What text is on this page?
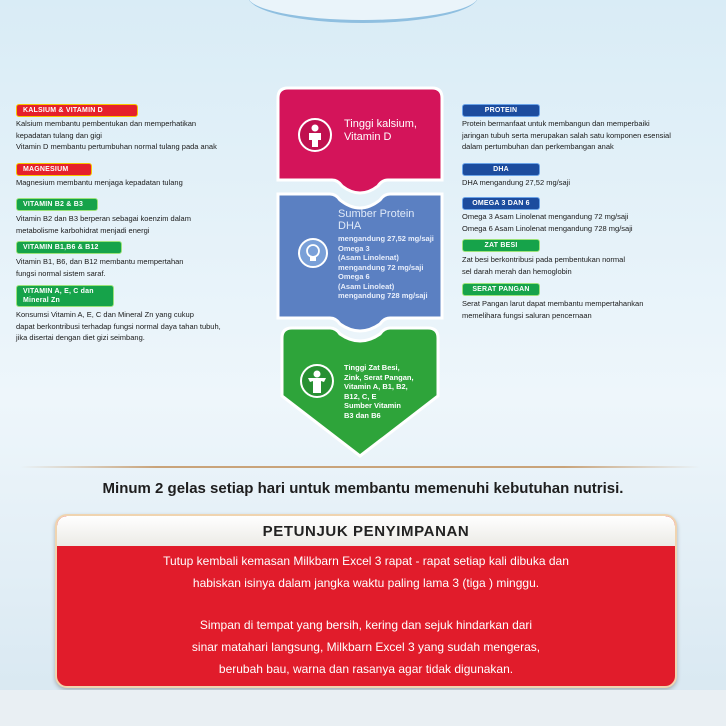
KALSIUM & VITAMIN D
Kalsium membantu pembentukan dan memperhatikan
kepadatan tulang dan gigi
Vitamin D membantu pertumbuhan normal tulang pada anak
MAGNESIUM
Magnesium membantu menjaga kepadatan tulang
VITAMIN B2 & B3
Vitamin B2 dan B3 berperan sebagai koenzim dalam
metabolisme karbohidrat menjadi energi
VITAMIN B1,B6 & B12
Vitamin B1, B6, dan B12 membantu mempertahan
fungsi normal sistem saraf.
VITAMIN A, E, C dan
Mineral Zn
Konsumsi Vitamin A, E, C dan Mineral Zn yang cukup
dapat berkontribusi terhadap fungsi normal daya tahan tubuh,
jika disertai dengan diet gizi seimbang.
Tinggi kalsium,
Vitamin D
Sumber Protein
DHA
mengandung 27,52 mg/saji
Omega 3
(Asam Linolenat)
mengandung 72 mg/saji
Omega 6
(Asam Linoleat)
mengandung 728 mg/saji
Tinggi Zat Besi,
Zink, Serat Pangan,
Vitamin A, B1, B2,
B12, C, E
Sumber Vitamin
B3 dan B6
PROTEIN
Protein bermanfaat untuk membangun dan memperbaiki
jaringan tubuh serta merupakan salah satu komponen esensial
dalam pertumbuhan dan perkembangan anak
DHA
DHA mengandung 27,52 mg/saji
OMEGA 3 DAN 6
Omega 3 Asam Linolenat mengandung 72 mg/saji
Omega 6 Asam Linolenat mengandung 728 mg/saji
ZAT BESI
Zat besi berkontribusi pada pembentukan normal
sel darah merah dan hemoglobin
SERAT PANGAN
Serat Pangan larut dapat membantu mempertahankan
memelihara fungsi saluran pencernaan
Minum 2 gelas setiap hari untuk membantu memenuhi kebutuhan nutrisi.
PETUNJUK PENYIMPANAN
Tutup kembali kemasan Milkbarn Excel 3 rapat - rapat setiap kali dibuka dan
habiskan isinya dalam jangka waktu paling lama 3 (tiga ) minggu.
Simpan di tempat yang bersih, kering dan sejuk hindarkan dari
sinar matahari langsung, Milkbarn Excel 3 yang sudah mengeras,
berubah bau, warna dan rasanya agar tidak digunakan.
